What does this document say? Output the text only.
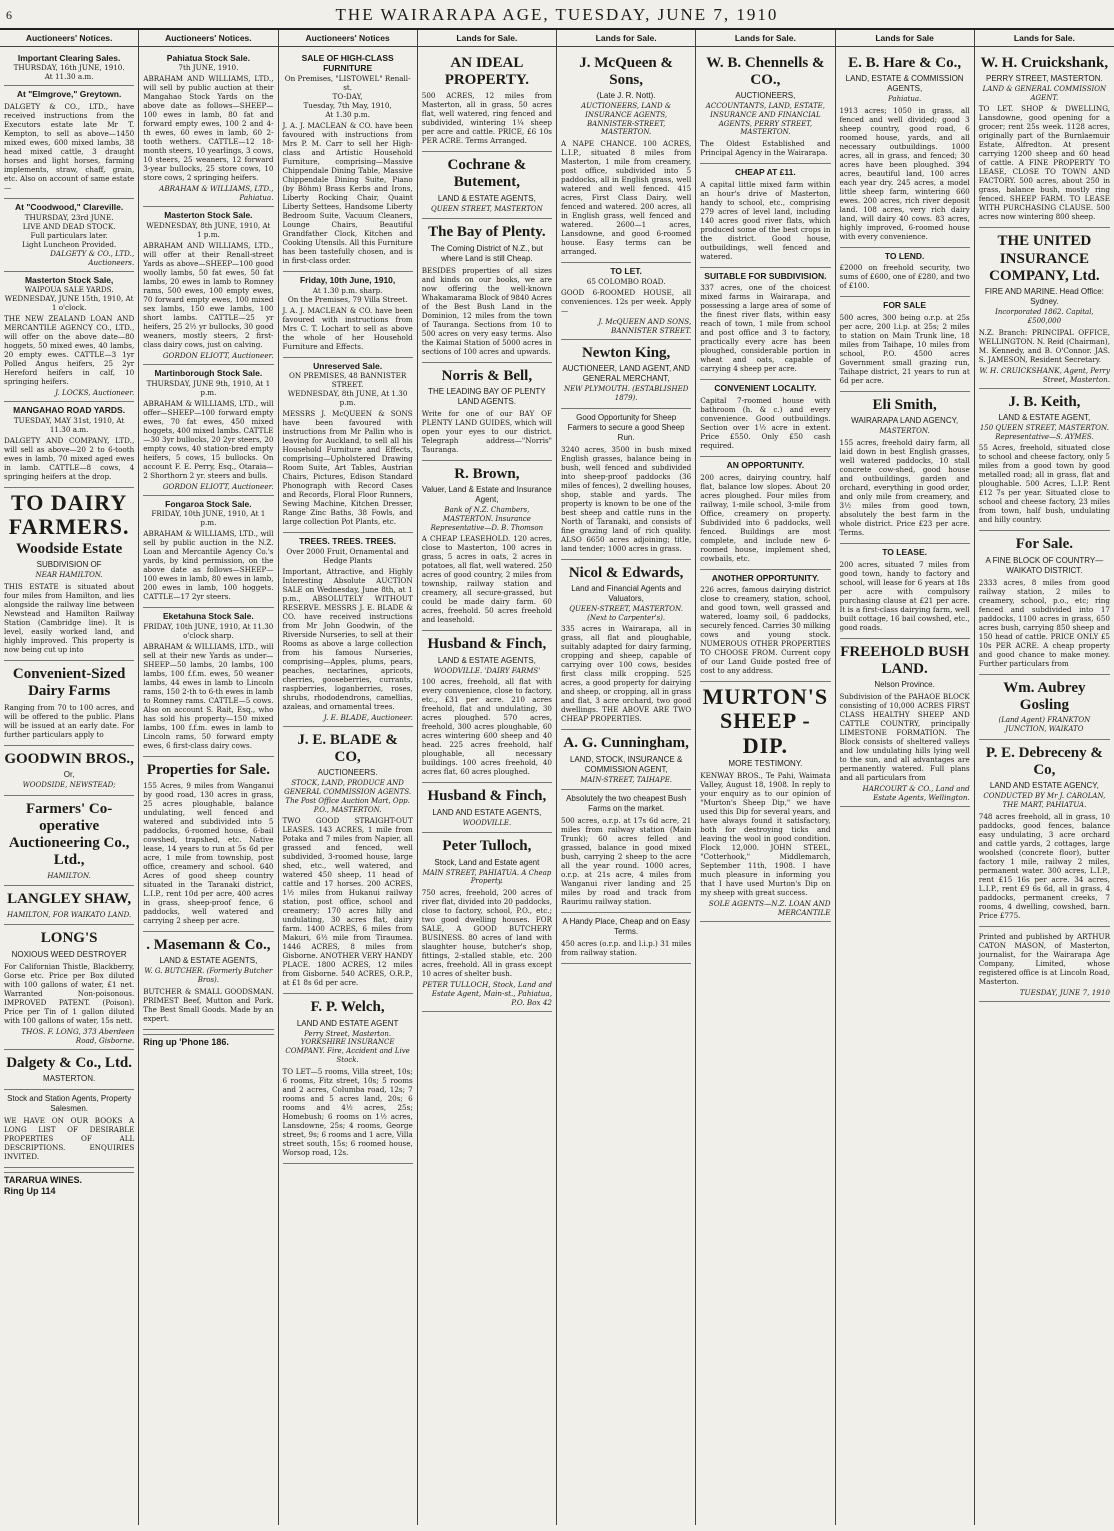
6	THE WAIRARAPA AGE, TUESDAY, JUNE 7, 1910
Auctioneers' Notices.
Important Clearing Sales.
THURSDAY, 16th JUNE, 1910.
At 11.30 a.m.
At "Elmgrove," Greytown.
DALGETY & CO., LTD., have received instructions from the Executors estate late Mr T. Kempton, to sell as above—1450 mixed ewes, 600 mixed lambs, 38 head mixed cattle, 3 draught horses and light horses, farming implements, straw, chaff, grain, etc. Also on account of same estate—
At "Coodwood," Clareville.
THURSDAY, 23rd JUNE.
LIVE AND DEAD STOCK.
Full particulars later.
Light Luncheon Provided.
DALGETY & CO., LTD., Auctioneers.
Masterton Stock Sale,
WAIPOUA SALE YARDS.
WEDNESDAY, JUNE 15th, 1910, At 1 o'clock.
THE NEW ZEALAND LOAN AND MERCANTILE AGENCY CO., LTD., will offer on the above date—80 hoggets, 50 mixed ewes, 40 lambs, 20 empty ewes. CATTLE—3 1yr Polled Angus heifers, 25 2yr Hereford heifers in calf, 10 springing heifers.
J. LOCKS, Auctioneer.
MANGAHAO ROAD YARDS.
TUESDAY, MAY 31st, 1910, At 11.30 a.m.
DALGETY AND COMPANY, LTD., will sell as above—20 2 to 6-tooth ewes in lamb, 70 mixed aged ewes in lamb. CATTLE—8 cows, 4 springing heifers at the drop.
TO DAIRY FARMERS.
Woodside Estate
SUBDIVISION OF
NEAR HAMILTON.
THIS ESTATE is situated about four miles from Hamilton, and lies alongside the railway line between Newstead and Hamilton Railway Station (Cambridge line). It is level, easily worked land, and highly improved. This property is now being cut up into
Convenient-Sized Dairy Farms
Ranging from 70 to 100 acres, and will be offered to the public. Plans will be issued at an early date. For further particulars apply to
GOODWIN BROS.,
Or,
WOODSIDE, NEWSTEAD;
Farmers' Co-operative Auctioneering Co., Ltd.,
HAMILTON.
LANGLEY SHAW,
HAMILTON, FOR WAIKATO LAND.
LONG'S
NOXIOUS WEED DESTROYER
For Californian Thistle, Blackberry, Gorse etc. Price per Box diluted with 100 gallons of water, £1 net. Warranted Non-poisonous. IMPROVED PATENT. (Poison). Price per Tin of 1 gallon diluted with 100 gallons of water, 15s nett.
THOS. F. LONG, 373 Aberdeen Road, Gisborne.
Dalgety & Co., Ltd.
MASTERTON.
Stock and Station Agents, Property Salesmen.
WE HAVE ON OUR BOOKS A LONG LIST OF DESIRABLE PROPERTIES OF ALL DESCRIPTIONS. ENQUIRIES INVITED.
TARARUA WINES.
Ring Up 114
Auctioneers' Notices.
Pahiatua Stock Sale.
7th JUNE, 1910.
ABRAHAM AND WILLIAMS, LTD., will sell by public auction at their Mangahao Stock Yards on the above date as follows—SHEEP—100 ewes in lamb, 80 fat and forward empty ewes, 100 2 and 4-th ewes, 60 ewes in lamb, 60 2-tooth wethers. CATTLE—12 18-month steers, 10 yearlings, 3 cows, 10 steers, 25 weaners, 12 forward 3-year bullocks, 25 store cows, 10 store cows, 2 springing heifers.
ABRAHAM & WILLIAMS, LTD., Pahiatua.
Masterton Stock Sale.
WEDNESDAY, 8th JUNE, 1910, At 1 p.m.
ABRAHAM AND WILLIAMS, LTD., will offer at their Renall-street Yards as above—SHEEP—100 good woolly lambs, 50 fat ewes, 50 fat lambs, 20 ewes in lamb to Romney rams, 500 ewes, 100 empty ewes, 70 forward empty ewes, 100 mixed sex lambs, 150 ewe lambs, 100 short lambs. CATTLE—25 yr heifers, 25 2½ yr bullocks, 30 good weaners, mostly steers, 2 first-class dairy cows, just on calving.
GORDON ELIOTT, Auctioneer.
Martinborough Stock Sale.
THURSDAY, JUNE 9th, 1910, At 1 p.m.
ABRAHAM & WILLIAMS, LTD., will offer—SHEEP—100 forward empty ewes, 70 fat ewes, 450 mixed hoggets, 400 mixed lambs. CATTLE—30 3yr bullocks, 20 2yr steers, 20 empty cows, 40 station-bred empty heifers, 5 cows, 15 bullocks. On account F. E. Perry, Esq., Otaraia—2 Shorthorn 2 yr. steers and bulls.
GORDON ELIOTT, Auctioneer.
Fongaroa Stock Sale.
FRIDAY, 10th JUNE, 1910, At 1 p.m.
ABRAHAM & WILLIAMS, LTD., will sell by public auction in the N.Z. Loan and Mercantile Agency Co.'s yards, by kind permission, on the above date as follows—SHEEP—100 ewes in lamb, 80 ewes in lamb, 200 ewes in lamb, 100 hoggets. CATTLE—17 2yr steers.
Eketahuna Stock Sale.
FRIDAY, 10th JUNE, 1910, At 11.30 o'clock sharp.
ABRAHAM & WILLIAMS, LTD., will sell at their new Yards as under—SHEEP—50 lambs, 20 lambs, 100 lambs, 100 f.f.m. ewes, 50 weaner lambs, 44 ewes in lamb to Lincoln rams, 150 2-th to 6-th ewes in lamb to Romney rams. CATTLE—5 cows. Also on account S. Rait, Esq., who has sold his property—150 mixed lambs, 100 f.f.m. ewes in lamb to Lincoln rams, 50 forward empty ewes, 6 first-class dairy cows.
Properties for Sale.
155 Acres, 9 miles from Wanganui by good road, 130 acres in grass, 25 acres ploughable, balance undulating, well fenced and watered and subdivided into 5 paddocks, 6-roomed house, 6-bail cowshed, trapshed, etc. Native lease, 14 years to run at 5s 6d per acre, 1 mile from township, post office, creamery and school. 640 Acres of good sheep country situated in the Taranaki district, L.I.P., rent 10d per acre, 400 acres in grass, sheep-proof fence, 6 paddocks, well watered and carrying 2 sheep per acre.
. Masemann & Co.,
LAND & ESTATE AGENTS,
W. G. BUTCHER. (Formerly Butcher Bros).
BUTCHER & SMALL GOODSMAN. PRIMEST Beef, Mutton and Pork. The Best Small Goods. Made by an expert.
Ring up 'Phone 186.
Auctioneers' Notices
SALE OF HIGH-CLASS FURNITURE
On Premises, "LISTOWEL" Renall-st.
TO-DAY,
Tuesday, 7th May, 1910,
At 1.30 p.m.
J. A. J. MACLEAN & CO. have been favoured with instructions from Mrs P. M. Carr to sell her High-class and Artistic Household Furniture, comprising—Massive Chippendale Dining Table, Massive Chippendale Dining Suite, Piano (by Böhm) Brass Kerbs and Irons, Liberty Rocking Chair, Quaint Liberty Settees, Handsome Liberty Bedroom Suite, Vacuum Cleaners, Lounge Chairs, Beautiful Grandfather Clock, Kitchen and Cooking Utensils. All this Furniture has been tastefully chosen, and is in first-class order.
Friday, 10th June, 1910,
At 1.30 p.m. sharp.
On the Premises, 79 Villa Street.
J. A. J. MACLEAN & CO. have been favoured with instructions from Mrs C. T. Lochart to sell as above the whole of her Household Furniture and Effects.
Unreserved Sale.
ON PREMISES, 48 BANNISTER STREET.
WEDNESDAY, 8th JUNE, At 1.30 p.m.
MESSRS J. McQUEEN & SONS have been favoured with instructions from Mr Pallin who is leaving for Auckland, to sell all his Household Furniture and Effects, comprising—Upholstered Drawing Room Suite, Art Tables, Austrian Chairs, Pictures, Edison Standard Phonograph with Record Cases and Records, Floral Floor Runners, Sewing Machine, Kitchen Dresser, Range Zinc Baths, 38 Fowls, and large collection Pot Plants, etc.
TREES. TREES. TREES.
Over 2000 Fruit, Ornamental and Hedge Plants
Important, Attractive, and Highly Interesting Absolute AUCTION SALE on Wednesday, June 8th, at 1 p.m., ABSOLUTELY WITHOUT RESERVE. MESSRS J. E. BLADE & CO. have received instructions from Mr John Goodwin, of the Riverside Nurseries, to sell at their Rooms as above a large collection from his famous Nurseries, comprising—Apples, plums, pears, peaches, nectarines, apricots, cherries, gooseberries, currants, raspberries, loganberries, roses, shrubs, rhododendrons, camellias, azaleas, and ornamental trees.
J. E. BLADE, Auctioneer.
J. E. BLADE & CO,
AUCTIONEERS.
STOCK, LAND, PRODUCE AND GENERAL COMMISSION AGENTS. The Post Office Auction Mart, Opp. P.O., MASTERTON.
TWO GOOD STRAIGHT-OUT LEASES. 143 ACRES, 1 mile from Potaka and 7 miles from Napier, all grassed and fenced, well subdivided, 3-roomed house, large shed, etc., well watered, and watered 450 sheep, 11 head of cattle and 17 horses. 200 ACRES, 1½ miles from Hukanui railway station, post office, school and creamery; 170 acres hilly and undulating, 30 acres flat, dairy farm. 1400 ACRES, 6 miles from Makuri, 6½ mile from Tiraumea. 1446 ACRES, 8 miles from Gisborne. ANOTHER VERY HANDY PLACE. 1800 ACRES, 12 miles from Gisborne. 540 ACRES, O.R.P., at £1 8s 6d per acre.
F. P. Welch,
LAND AND ESTATE AGENT
Perry Street, Masterton. YORKSHIRE INSURANCE COMPANY. Fire, Accident and Live Stock.
TO LET—5 rooms, Villa street, 10s; 6 rooms, Fitz street, 10s; 5 rooms and 2 acres, Columba road, 12s; 7 rooms and 5 acres land, 20s; 6 rooms and 4½ acres, 25s; Homebush; 6 rooms on 1½ acres, Lansdowne, 25s; 4 rooms, George street, 9s; 6 rooms and 1 acre, Villa street south, 15s; 6 roomed house, Worsop road, 12s.
Lands for Sale.
AN IDEAL PROPERTY.
500 ACRES, 12 miles from Masterton, all in grass, 50 acres flat, well watered, ring fenced and subdivided, wintering 1¼ sheep per acre and cattle. PRICE, £6 10s PER ACRE. Terms Arranged.
Cochrane & Butement,
LAND & ESTATE AGENTS,
QUEEN STREET, MASTERTON
The Bay of Plenty.
The Coming District of N.Z., but where Land is still Cheap.
BESIDES properties of all sizes and kinds on our books, we are now offering the well-known Whakamarama Block of 9840 Acres of the Best Bush Land in the Dominion, 12 miles from the town of Tauranga. Sections from 10 to 500 acres on very easy terms. Also the Kaimai Station of 5000 acres in sections of 100 acres and upwards.
Norris & Bell,
THE LEADING BAY OF PLENTY LAND AGENTS.
Write for one of our BAY OF PLENTY LAND GUIDES, which will open your eyes to our district. Telegraph address—"Norris" Tauranga.
R. Brown,
Valuer, Land & Estate and Insurance Agent,
Bank of N.Z. Chambers, MASTERTON. Insurance Representative—D. B. Thomson
A CHEAP LEASEHOLD. 120 acres, close to Masterton, 100 acres in grass, 5 acres in oats, 2 acres in potatoes, all flat, well watered. 250 acres of good country, 2 miles from township, railway station and creamery, all secure-grassed, but could be made dairy farm. 60 acres, freehold. 50 acres freehold and leasehold.
Husband & Finch,
LAND & ESTATE AGENTS,
WOODVILLE. 'DAIRY FARMS'
100 acres, freehold, all flat with every convenience, close to factory, etc., £31 per acre. 210 acres freehold, flat and undulating, 30 acres ploughed. 570 acres, freehold, 300 acres ploughable, 60 acres wintering 600 sheep and 40 head. 225 acres freehold, half ploughable, all necessary buildings. 100 acres freehold, 40 acres flat, 60 acres ploughed.
Husband & Finch,
LAND AND ESTATE AGENTS,
WOODVILLE.
Peter Tulloch,
Stock, Land and Estate agent
MAIN STREET, PAHIATUA. A Cheap Property.
750 acres, freehold, 200 acres of river flat, divided into 20 paddocks, close to factory, school, P.O., etc.; two good dwelling houses. FOR SALE, A GOOD BUTCHERY BUSINESS. 80 acres of land with slaughter house, butcher's shop, fittings, 2-stalled stable, etc. 200 acres, freehold. All in grass except 10 acres of shelter bush.
PETER TULLOCH, Stock, Land and Estate Agent, Main-st., Pahiatua, P.O. Box 42
Lands for Sale.
J. McQueen & Sons,
(Late J. R. Nott).
AUCTIONEERS, LAND & INSURANCE AGENTS, BANNISTER-STREET, MASTERTON.
A NAPE CHANCE. 100 ACRES, L.I.P., situated 8 miles from Masterton, 1 mile from creamery, post office, subdivided into 5 paddocks, all in English grass, well watered and well fenced. 415 acres, First Class Dairy, well fenced and watered. 200 acres, all in English grass, well fenced and watered. 2600—1 acres, Lansdowne, and good 6-roomed house. Easy terms can be arranged.
TO LET.
65 COLOMBO ROAD.
GOOD 6-ROOMED HOUSE, all conveniences. 12s per week. Apply—
J. McQUEEN AND SONS, BANNISTER STREET.
Newton King,
AUCTIONEER, LAND AGENT, AND GENERAL MERCHANT,
NEW PLYMOUTH. (ESTABLISHED 1879).
Good Opportunity for Sheep Farmers to secure a good Sheep Run.
3240 acres, 3500 in bush mixed English grasses, balance being in bush, well fenced and subdivided into sheep-proof paddocks (36 miles of fences), 2 dwelling houses, shop, stable and yards. The property is known to be one of the best sheep and cattle runs in the North of Taranaki, and consists of fine grazing land of rich quality. ALSO 6650 acres adjoining; title, land tender; 1000 acres in grass.
Nicol & Edwards,
Land and Financial Agents and Valuators,
QUEEN-STREET, MASTERTON. (Next to Carpenter's).
335 acres in Wairarapa, all in grass, all flat and ploughable, suitably adapted for dairy farming, cropping and sheep, capable of carrying over 100 cows, besides first class milk cropping. 525 acres, a good property for dairying and sheep, or cropping, all in grass and flat, 3 acre orchard, two good dwellings. THE ABOVE ARE TWO CHEAP PROPERTIES.
A. G. Cunningham,
LAND, STOCK, INSURANCE & COMMISSION AGENT,
MAIN-STREET, TAIHAPE.
Absolutely the two cheapest Bush Farms on the market.
500 acres, o.r.p. at 17s 6d acre, 21 miles from railway station (Main Trunk); 60 acres felled and grassed, balance in good mixed bush, carrying 2 sheep to the acre all the year round. 1000 acres, o.r.p. at 21s acre, 4 miles from Wanganui river landing and 25 miles by road and track from Raurimu railway station.
A Handy Place, Cheap and on Easy Terms.
450 acres (o.r.p. and l.i.p.) 31 miles from railway station.
Lands for Sale.
W. B. Chennells & CO.,
AUCTIONEERS,
ACCOUNTANTS, LAND, ESTATE, INSURANCE AND FINANCIAL AGENTS, PERRY STREET, MASTERTON.
The Oldest Established and Principal Agency in the Wairarapa.
CHEAP AT £11.
A capital little mixed farm within an hour's drive of Masterton, handy to school, etc., comprising 279 acres of level land, including 140 acres good river flats, which produced some of the best crops in the district. Good house, outbuildings, well fenced and watered.
SUITABLE FOR SUBDIVISION.
337 acres, one of the choicest mixed farms in Wairarapa, and possessing a large area of some of the finest river flats, within easy reach of town, 1 mile from school and post office and 3 to factory, practically every acre has been ploughed, considerable portion in wheat and oats, capable of carrying 4 sheep per acre.
CONVENIENT LOCALITY.
Capital 7-roomed house with bathroom (h. & c.) and every convenience. Good outbuildings. Section over 1½ acre in extent. Price £550. Only £50 cash required.
AN OPPORTUNITY.
200 acres, dairying country, half flat, balance low slopes. About 20 acres ploughed. Four miles from railway, 1-mile school, 3-mile from Office, creamery on property. Subdivided into 6 paddocks, well fenced. Buildings are most complete, and include new 6-roomed house, implement shed, cowbails, etc.
ANOTHER OPPORTUNITY.
226 acres, famous dairying district close to creamery, station, school, and good town, well grassed and watered, loamy soil, 6 paddocks, securely fenced. Carries 30 milking cows and young stock. NUMEROUS OTHER PROPERTIES TO CHOOSE FROM. Current copy of our Land Guide posted free of cost to any address.
MURTON'S SHEEP - DIP.
MORE TESTIMONY.
KENWAY BROS., Te Pahi, Waimata Valley, August 18, 1908. In reply to your enquiry as to our opinion of "Murton's Sheep Dip," we have used this Dip for several years, and have always found it satisfactory, both for destroying ticks and leaving the wool in good condition. Flock 12,000. JOHN STEEL, "Cotterhook," Middlemarch, September 11th, 1908. I have much pleasure in informing you that I have used Murton's Dip on my sheep with great success.
SOLE AGENTS—N.Z. LOAN AND MERCANTILE
Lands for Sale
E. B. Hare & Co.,
LAND, ESTATE & COMMISSION AGENTS,
Pahiatua.
1913 acres; 1050 in grass, all fenced and well divided; good 3 sheep country, good road, 6 roomed house, yards, and all necessary outbuildings. 1000 acres, all in grass, and fenced; 30 acres have been ploughed. 394 acres, beautiful land, 100 acres each year dry. 245 acres, a model little sheep farm, wintering 660 ewes. 200 acres, rich river deposit land. 108 acres, very rich dairy land, will dairy 40 cows. 83 acres, highly improved, 6-roomed house with every convenience.
TO LEND.
£2000 on freehold security, two sums of £600, one of £280, and two of £100.
FOR SALE
500 acres, 300 being o.r.p. at 25s per acre, 200 l.i.p. at 25s; 2 miles to station on Main Trunk line, 18 miles from Taihape, 10 miles from school, P.O. 4500 acres Government small grazing run, Taihape district, 21 years to run at 6d per acre.
Eli Smith,
WAIRARAPA LAND AGENCY,
MASTERTON.
155 acres, freehold dairy farm, all laid down in best English grasses, well watered paddocks, 10 stall concrete cow-shed, good house and outbuildings, garden and orchard, everything in good order, and only mile from creamery, and 3½ miles from good town, absolutely the best farm in the whole district. Price £23 per acre. Terms.
TO LEASE.
200 acres, situated 7 miles from good town, handy to factory and school, will lease for 6 years at 18s per acre with compulsory purchasing clause at £21 per acre. It is a first-class dairying farm, well built cottage, 16 bail cowshed, etc., good roads.
FREEHOLD BUSH LAND.
Nelson Province.
Subdivision of the PAHAOE BLOCK consisting of 10,000 ACRES FIRST CLASS HEALTHY SHEEP AND CATTLE COUNTRY, principally LIMESTONE FORMATION. The Block consists of sheltered valleys and low undulating hills lying well to the sun, and all advantages are permanently watered. Full plans and all particulars from
HARCOURT & CO., Land and Estate Agents, Wellington.
Lands for Sale.
W. H. Cruickshank,
PERRY STREET, MASTERTON.
LAND & GENERAL COMMISSION AGENT.
TO LET. SHOP & DWELLING, Lansdowne, good opening for a grocer; rent 25s week. 1128 acres, originally part of the Burnlaemuir Estate, Alfredton. At present carrying 1200 sheep and 60 head of cattle. A FINE PROPERTY TO LEASE, CLOSE TO TOWN AND FACTORY. 500 acres, about 250 in grass, balance bush, mostly ring fenced. SHEEP FARM. TO LEASE WITH PURCHASING CLAUSE. 500 acres now wintering 800 sheep.
THE UNITED INSURANCE COMPANY, Ltd.
FIRE AND MARINE. Head Office: Sydney.
Incorporated 1862. Capital, £500,000
N.Z. Branch: PRINCIPAL OFFICE, WELLINGTON. N. Reid (Chairman), M. Kennedy, and B. O'Connor. JAS. S. JAMESON, Resident Secretary.
W. H. CRUICKSHANK, Agent, Perry Street, Masterton.
J. B. Keith,
LAND & ESTATE AGENT,
150 QUEEN STREET, MASTERTON. Representative—S. AYMES.
55 Acres, freehold, situated close to school and cheese factory, only 5 miles from a good town by good metalled road; all in grass, flat and ploughable. 500 Acres, L.I.P. Rent £12 7s per year. Situated close to school and cheese factory, 23 miles from town, half bush, undulating and hilly country.
For Sale.
A FINE BLOCK OF COUNTRY—WAIKATO DISTRICT.
2333 acres, 8 miles from good railway station, 2 miles to creamery, school, p.o., etc; ring fenced and subdivided into 17 paddocks, 1100 acres in grass, 650 acres bush, carrying 850 sheep and 150 head of cattle. PRICE ONLY £5 10s PER ACRE. A cheap property and good chance to make money. Further particulars from
Wm. Aubrey Gosling
(Land Agent) FRANKTON JUNCTION, WAIKATO
P. E. Debreceny & Co,
LAND AND ESTATE AGENCY,
CONDUCTED BY Mr J. CAROLAN, THE MART, PAHIATUA.
748 acres freehold, all in grass, 10 paddocks, good fences, balance easy undulating, 3 acre orchard and cattle yards, 2 cottages, large woolshed (concrete floor), butter factory 1 mile, railway 2 miles, permanent water. 300 acres, L.I.P., rent £15 16s per acre. 34 acres, L.I.P., rent £9 6s 6d, all in grass, 4 paddocks, permanent creeks, 7 rooms, 4 dwelling, cowshed, barn. Price £775.
Printed and published by ARTHUR CATON MASON, of Masterton, journalist, for the Wairarapa Age Company, Limited, whose registered office is at Lincoln Road, Masterton.
TUESDAY, JUNE 7, 1910
